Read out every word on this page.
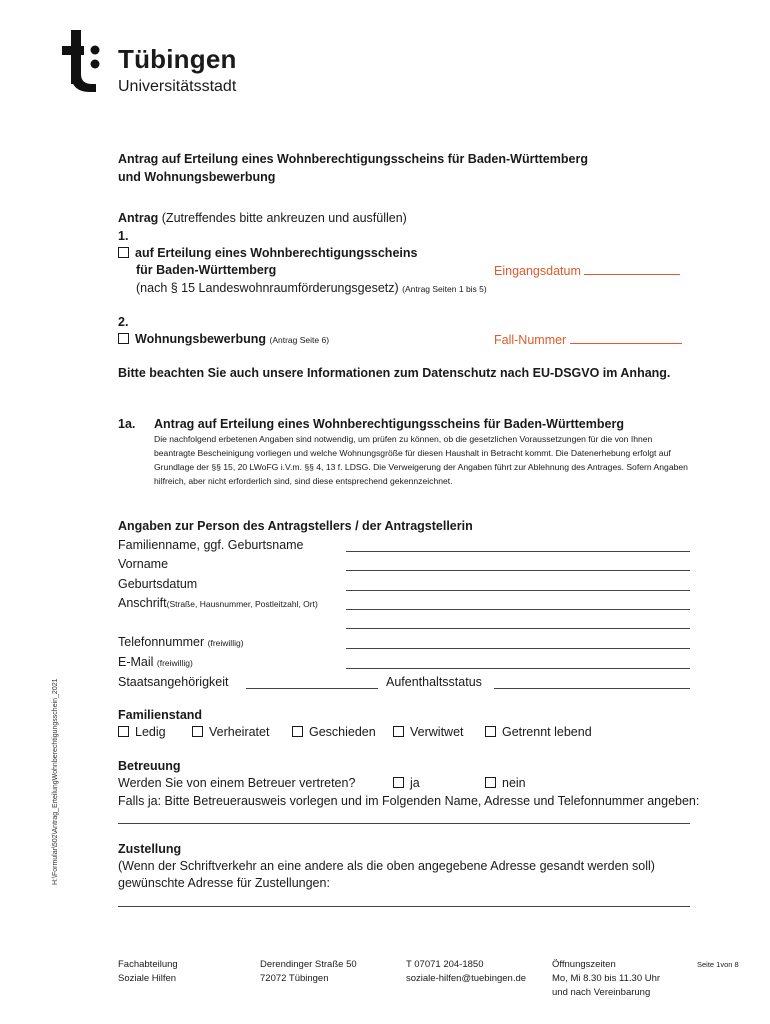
Tübingen
Universitätsstadt
Antrag auf Erteilung eines Wohnberechtigungsscheins für Baden-Württemberg
und Wohnungsbewerbung
Antrag (Zutreffendes bitte ankreuzen und ausfüllen)
1.
auf Erteilung eines Wohnberechtigungsscheins
für Baden-Württemberg	Eingangsdatum
(nach § 15 Landeswohnraumförderungsgesetz) (Antrag Seiten 1 bis 5)
2.
Wohnungsbewerbung (Antrag Seite 6)	Fall-Nummer
Bitte beachten Sie auch unsere Informationen zum Datenschutz nach EU-DSGVO im Anhang.
1a. Antrag auf Erteilung eines Wohnberechtigungsscheins für Baden-Württemberg
Die nachfolgend erbetenen Angaben sind notwendig, um prüfen zu können, ob die gesetzlichen Voraussetzungen für die von Ihnen beantragte Bescheinigung vorliegen und welche Wohnungsgröße für diesen Haushalt in Betracht kommt. Die Datenerhebung erfolgt auf Grundlage der §§ 15, 20 LWoFG i.V.m. §§ 4, 13 f. LDSG. Die Verweigerung der Angaben führt zur Ablehnung des Antrages. Sofern Angaben hilfreich, aber nicht erforderlich sind, sind diese entsprechend gekennzeichnet.
Angaben zur Person des Antragstellers / der Antragstellerin
Familienname, ggf. Geburtsname
Vorname
Geburtsdatum
Anschrift(Straße, Hausnummer, Postleitzahl, Ort)
Telefonnummer (freiwillig)
E-Mail (freiwillig)
Staatsangehörigkeit	Aufenthaltsstatus
H:\Formular\502\Antrag_ErteilungWohnberechtigungsschein_2021	Familienstand
Ledig	Verheiratet	Geschieden	Verwitwet	Getrennt lebend
Betreuung
Werden Sie von einem Betreuer vertreten?	ja	nein
Falls ja: Bitte Betreuerausweis vorlegen und im Folgenden Name, Adresse und Telefonnummer angeben:
Zustellung
(Wenn der Schriftverkehr an eine andere als die oben angegebene Adresse gesandt werden soll)
gewünschte Adresse für Zustellungen:
Fachabteilung
Soziale Hilfen
Derendinger Straße 50
72072 Tübingen
T 07071 204-1850
soziale-hilfen@tuebingen.de
Öffnungszeiten
Mo, Mi 8.30 bis 11.30 Uhr
und nach Vereinbarung
Seite 1von 8
